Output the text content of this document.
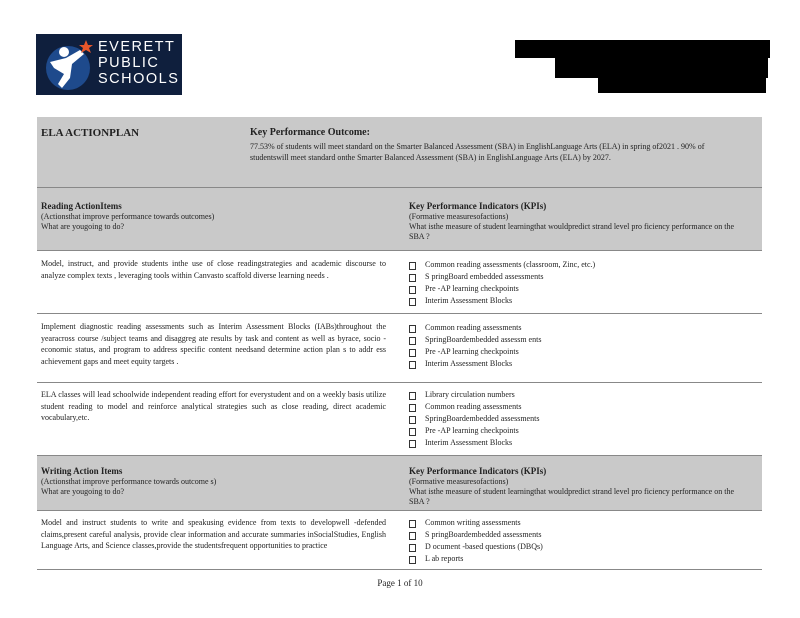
EVERETT
PUBLIC
SCHOOLS
ELA ACTIONPLAN	Key Performance Outcome:

77.53% of students will meet standard on the Smarter Balanced Assessment (SBA) in EnglishLanguage Arts (ELA) in spring of2021 . 90% of studentswill meet standard onthe Smarter Balanced Assessment (SBA) in EnglishLanguage Arts (ELA) by 2027.

Reading ActionItems
(Actionsthat improve performance towards outcomes)
What are yougoing to do?
Key Performance Indicators (KPIs)
(Formative measuresofactions)
What isthe measure of student learningthat wouldpredict strand level pro ficiency performance on the SBA ?
Model, instruct, and provide students inthe use of close readingstrategies and academic discourse to analyze complex texts , leveraging tools within Canvasto scaffold diverse learning needs .
Common reading assessments (classroom, Zinc, etc.)
S pringBoard embedded assessments
Pre -AP learning checkpoints
Interim Assessment Blocks
Implement diagnostic reading assessments such as Interim Assessment Blocks (IABs)throughout the yearacross course /subject teams and disaggreg ate results by task and content as well as byrace, socio -economic status, and program to address specific content needsand determine action plan s to addr ess achievement gaps and meet equity targets .
Common reading assessments
SpringBoardembedded assessm ents
Pre -AP learning checkpoints
Interim Assessment Blocks
ELA classes will lead schoolwide independent reading effort for everystudent and on a weekly basis utilize student reading to model and reinforce analytical strategies such as close reading, direct academic vocabulary,etc.
Library circulation numbers
Common reading assessments
SpringBoardembedded assessments
Pre -AP learning checkpoints
Interim Assessment Blocks
Writing Action Items
(Actionsthat improve performance towards outcome s)
What are yougoing to do?
Key Performance Indicators (KPIs)
(Formative measuresofactions)
What isthe measure of student learningthat wouldpredict strand level pro ficiency performance on the SBA ?
Model and instruct students to write and speakusing evidence from texts to developwell -defended claims,present careful analysis, provide clear information and accurate summaries inSocialStudies, English Language Arts, and Science classes,provide the studentsfrequent opportunities to practice
Common writing assessments
S pringBoardembedded assessments
D ocument -based questions (DBQs)
L ab reports
Page 1 of 10
